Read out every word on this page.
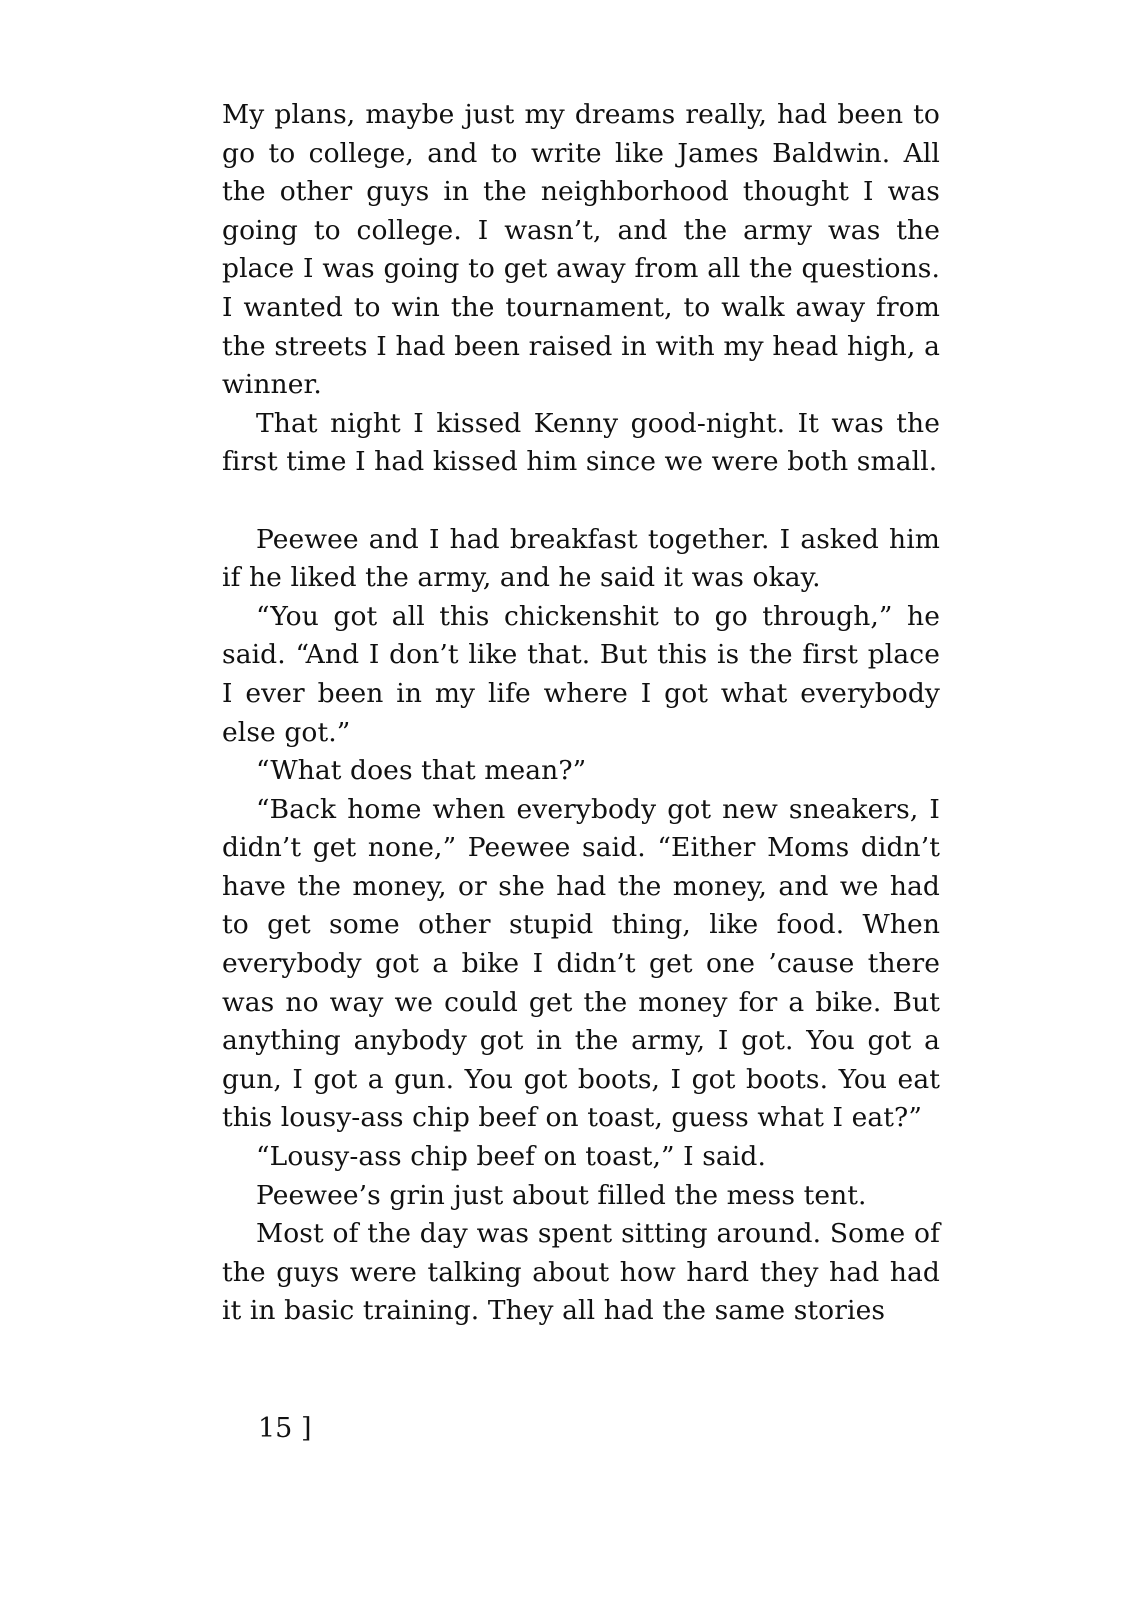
My plans, maybe just my dreams really, had been to go to college, and to write like James Baldwin. All the other guys in the neighborhood thought I was going to college. I wasn’t, and the army was the place I was going to get away from all the questions. I wanted to win the tournament, to walk away from the streets I had been raised in with my head high, a winner.

That night I kissed Kenny good-night. It was the first time I had kissed him since we were both small.

Peewee and I had breakfast together. I asked him if he liked the army, and he said it was okay.

“You got all this chickenshit to go through,” he said. “And I don’t like that. But this is the first place I ever been in my life where I got what everybody else got.”

“What does that mean?”

“Back home when everybody got new sneakers, I didn’t get none,” Peewee said. “Either Moms didn’t have the money, or she had the money, and we had to get some other stupid thing, like food. When everybody got a bike I didn’t get one ’cause there was no way we could get the money for a bike. But anything anybody got in the army, I got. You got a gun, I got a gun. You got boots, I got boots. You eat this lousy-ass chip beef on toast, guess what I eat?”

“Lousy-ass chip beef on toast,” I said.

Peewee’s grin just about filled the mess tent.

Most of the day was spent sitting around. Some of the guys were talking about how hard they had had it in basic training. They all had the same stories

15 ]
